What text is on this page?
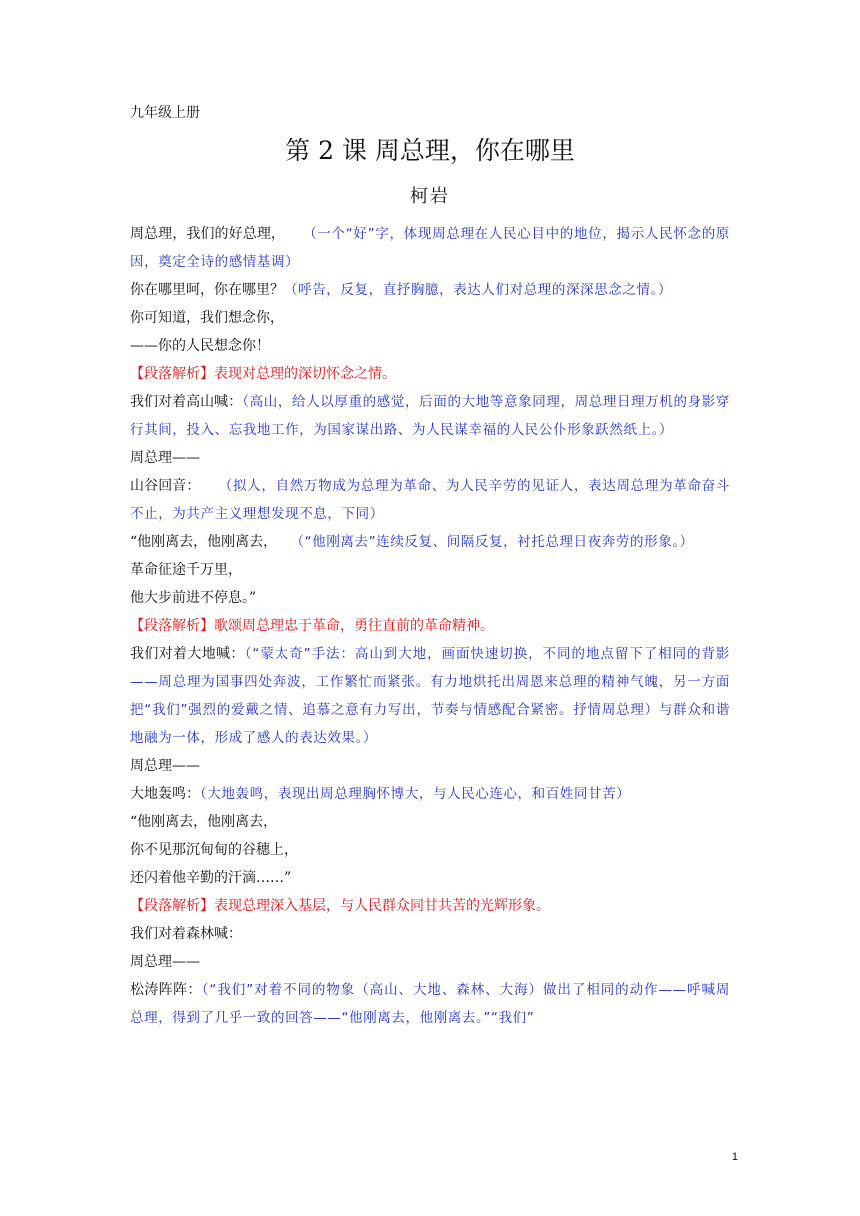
九年级上册
第 2 课 周总理，你在哪里
柯岩

周总理，我们的好总理， （一个“好”字，体现周总理在人民心目中的地位，揭示人民怀念的原因，奠定全诗的感情基调）

你在哪里呵，你在哪里？（呼告，反复，直抒胸臆，表达人们对总理的深深思念之情。）

你可知道，我们想念你，

——你的人民想念你！

【段落解析】表现对总理的深切怀念之情。

我们对着高山喊：（高山，给人以厚重的感觉，后面的大地等意象同理，周总理日理万机的身影穿行其间，投入、忘我地工作，为国家谋出路、为人民谋幸福的人民公仆形象跃然纸上。）

周总理——

山谷回音： （拟人，自然万物成为总理为革命、为人民辛劳的见证人，表达周总理为革命奋斗不止，为共产主义理想发现不息，下同）

“他刚离去，他刚离去， （“他刚离去”连续反复、间隔反复，衬托总理日夜奔劳的形象。）

革命征途千万里，

他大步前进不停息。”

【段落解析】歌颂周总理忠于革命，勇往直前的革命精神。

我们对着大地喊：（“蒙太奇”手法：高山到大地，画面快速切换，不同的地点留下了相同的背影——周总理为国事四处奔波，工作繁忙而紧张。有力地烘托出周恩来总理的精神气魄，另一方面把“我们”强烈的爱戴之情、追慕之意有力写出，节奏与情感配合紧密。抒情周总理）与群众和谐地融为一体，形成了感人的表达效果。）

周总理——

大地轰鸣：（大地轰鸣，表现出周总理胸怀博大，与人民心连心，和百姓同甘苦）

“他刚离去，他刚离去，

你不见那沉甸甸的谷穗上，

还闪着他辛勤的汗滴……”

【段落解析】表现总理深入基层，与人民群众同甘共苦的光辉形象。

我们对着森林喊：

周总理——

松涛阵阵：（“我们”对着不同的物象（高山、大地、森林、大海）做出了相同的动作——呼喊周总理，得到了几乎一致的回答——“他刚离去，他刚离去。”“我们”

1
